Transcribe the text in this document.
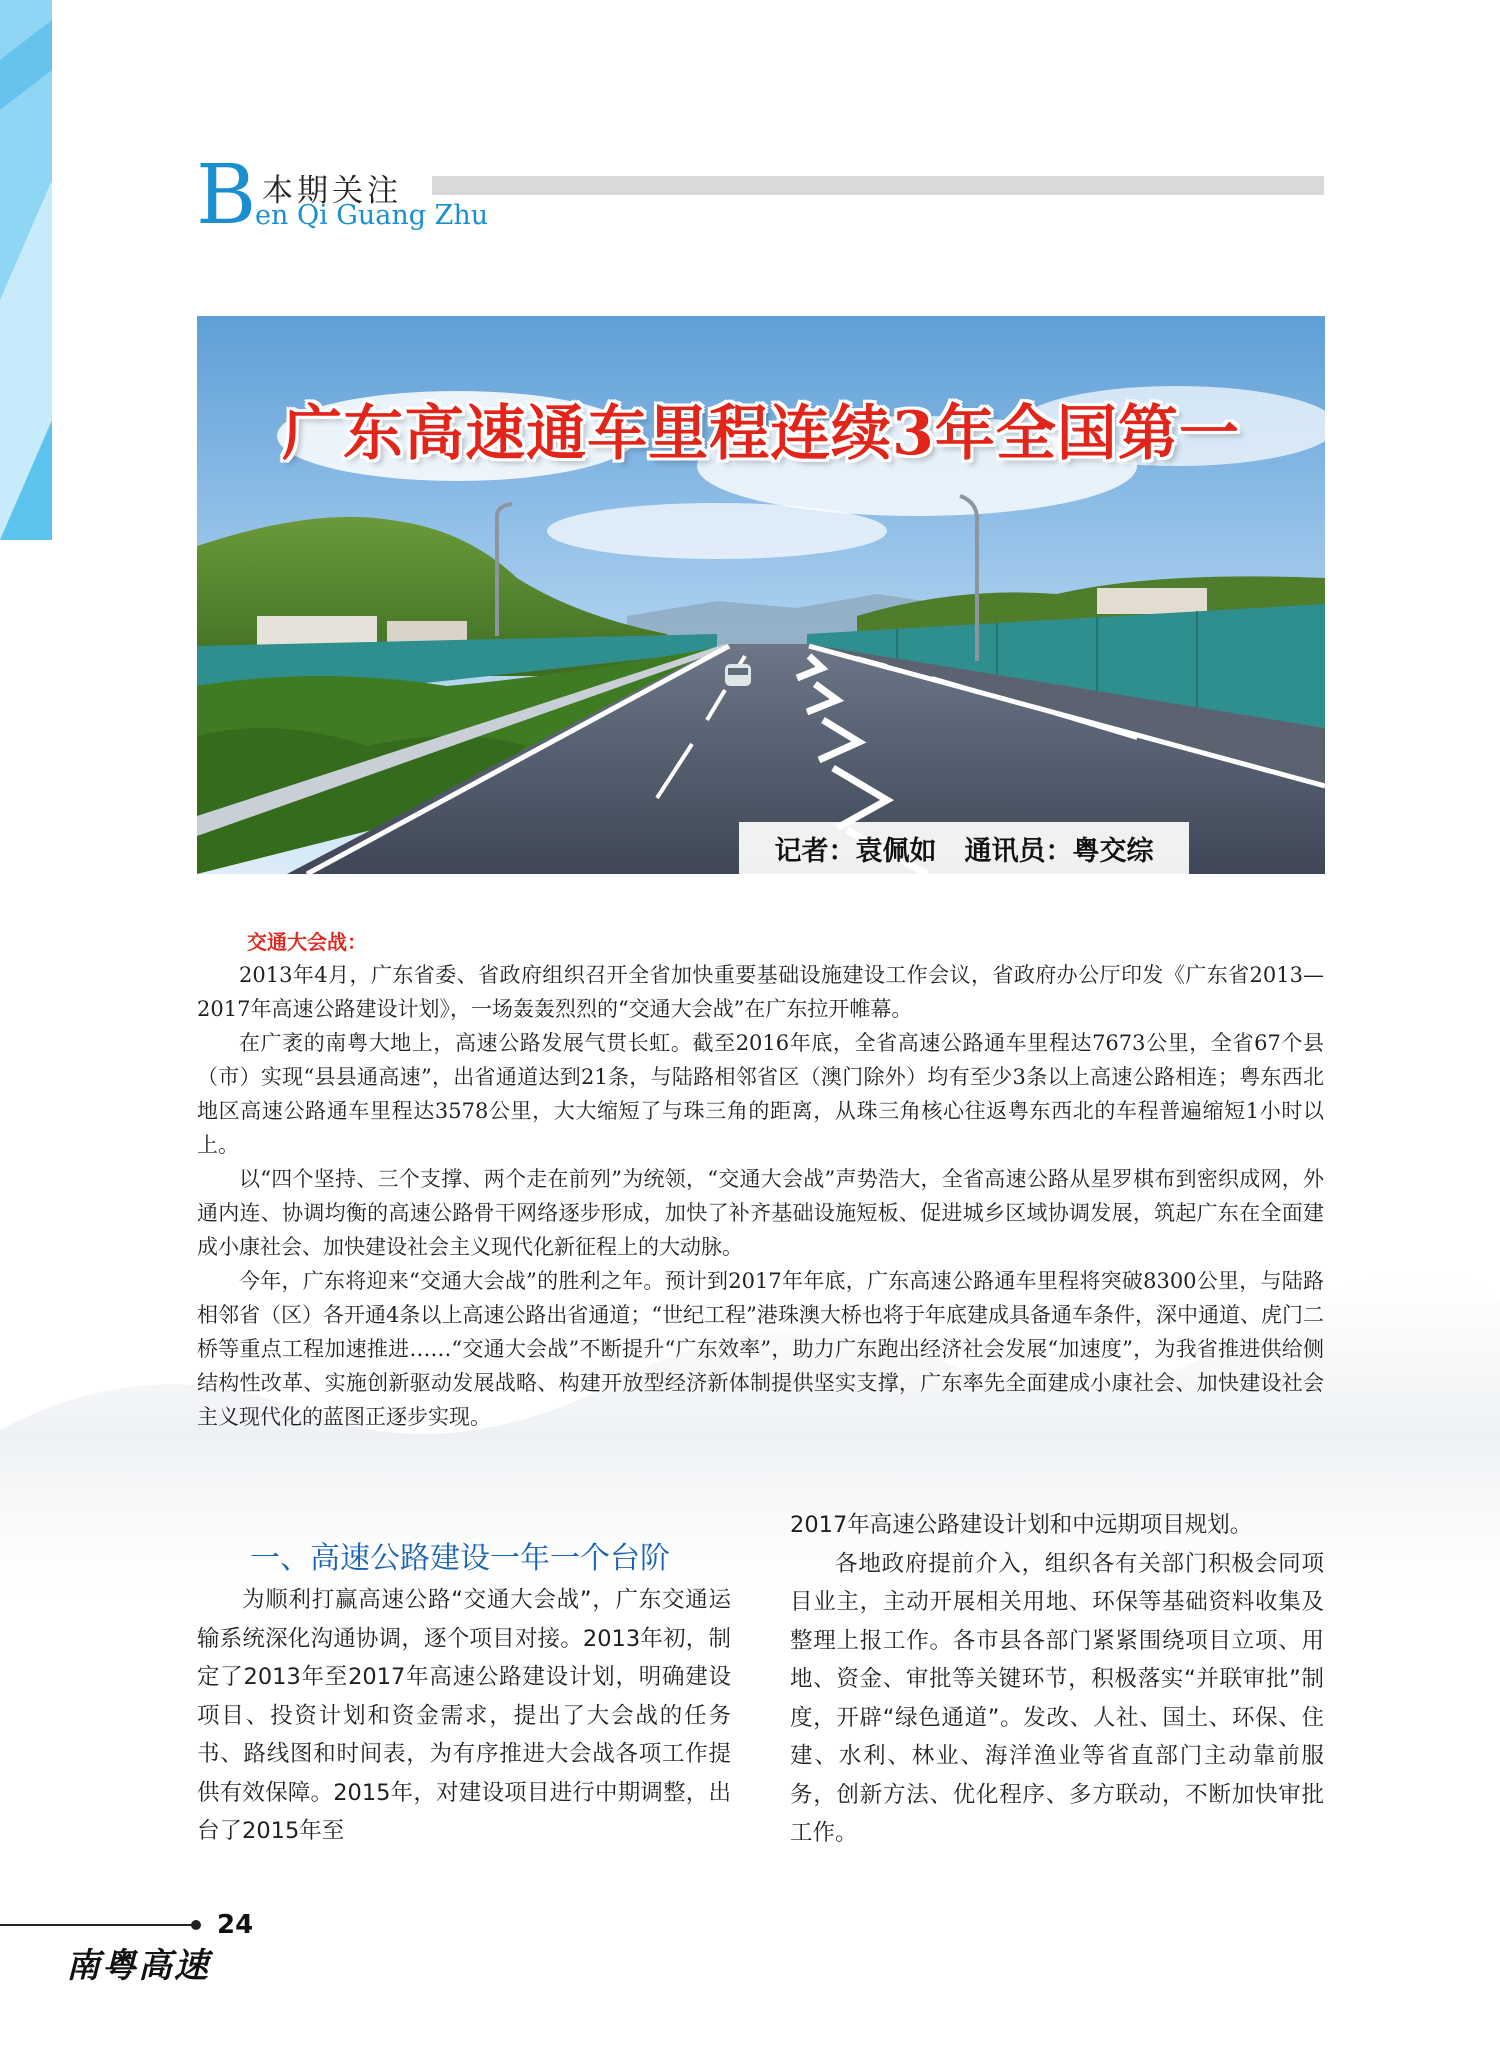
B 本期关注
en Qi Guang Zhu
广东高速通车里程连续3年全国第一
记者：袁佩如 通讯员：粤交综
交通大会战：

2013年4月，广东省委、省政府组织召开全省加快重要基础设施建设工作会议，省政府办公厅印发《广东省2013—2017年高速公路建设计划》，一场轰轰烈烈的“交通大会战”在广东拉开帷幕。

在广袤的南粤大地上，高速公路发展气贯长虹。截至2016年底，全省高速公路通车里程达7673公里，全省67个县（市）实现“县县通高速”，出省通道达到21条，与陆路相邻省区（澳门除外）均有至少3条以上高速公路相连；粤东西北地区高速公路通车里程达3578公里，大大缩短了与珠三角的距离，从珠三角核心往返粤东西北的车程普遍缩短1小时以上。

以“四个坚持、三个支撑、两个走在前列”为统领，“交通大会战”声势浩大，全省高速公路从星罗棋布到密织成网，外通内连、协调均衡的高速公路骨干网络逐步形成，加快了补齐基础设施短板、促进城乡区域协调发展，筑起广东在全面建成小康社会、加快建设社会主义现代化新征程上的大动脉。

今年，广东将迎来“交通大会战”的胜利之年。预计到2017年年底，广东高速公路通车里程将突破8300公里，与陆路相邻省（区）各开通4条以上高速公路出省通道；“世纪工程”港珠澳大桥也将于年底建成具备通车条件，深中通道、虎门二桥等重点工程加速推进……“交通大会战”不断提升“广东效率”，助力广东跑出经济社会发展“加速度”，为我省推进供给侧结构性改革、实施创新驱动发展战略、构建开放型经济新体制提供坚实支撑，广东率先全面建成小康社会、加快建设社会主义现代化的蓝图正逐步实现。

一、高速公路建设一年一个台阶

为顺利打赢高速公路“交通大会战”，广东交通运输系统深化沟通协调，逐个项目对接。2013年初，制定了2013年至2017年高速公路建设计划，明确建设项目、投资计划和资金需求，提出了大会战的任务书、路线图和时间表，为有序推进大会战各项工作提供有效保障。2015年，对建设项目进行中期调整，出台了2015年至

2017年高速公路建设计划和中远期项目规划。

各地政府提前介入，组织各有关部门积极会同项目业主，主动开展相关用地、环保等基础资料收集及整理上报工作。各市县各部门紧紧围绕项目立项、用地、资金、审批等关键环节，积极落实“并联审批”制度，开辟“绿色通道”。发改、人社、国土、环保、住建、水利、林业、海洋渔业等省直部门主动靠前服务，创新方法、优化程序、多方联动，不断加快审批工作。

24
南粤高速
